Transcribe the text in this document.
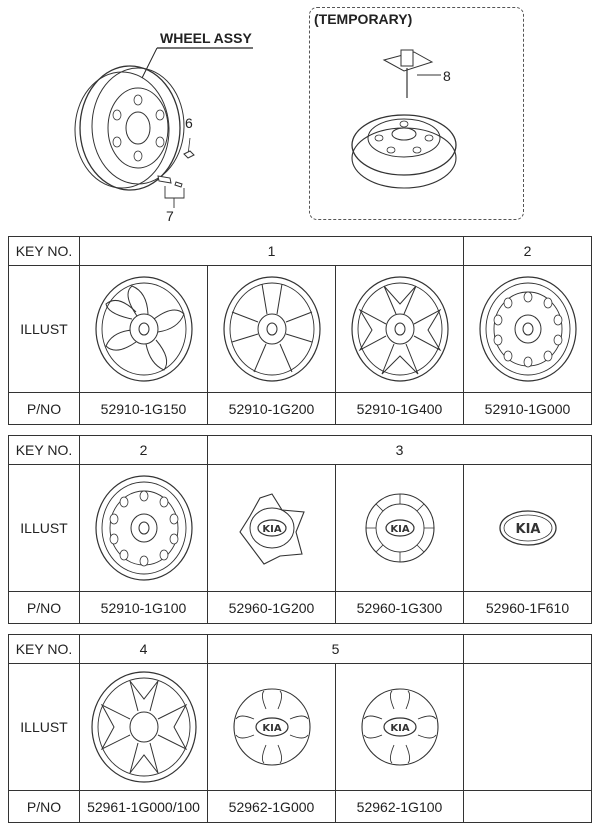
WHEEL ASSY
6
7
(TEMPORARY)
8
KEY NO.	1			2
ILLUST	

P/NO	52910-1G150	52910-1G200	52910-1G400	52910-1G000
KEY NO.	2	3		
ILLUST		KIA	KIA	KIA

P/NO	52910-1G100	52960-1G200	52960-1G300	52960-1F610
KEY NO.	4	5		
ILLUST		KIA	KIA	

P/NO	52961-1G000/100	52962-1G000	52962-1G100	
